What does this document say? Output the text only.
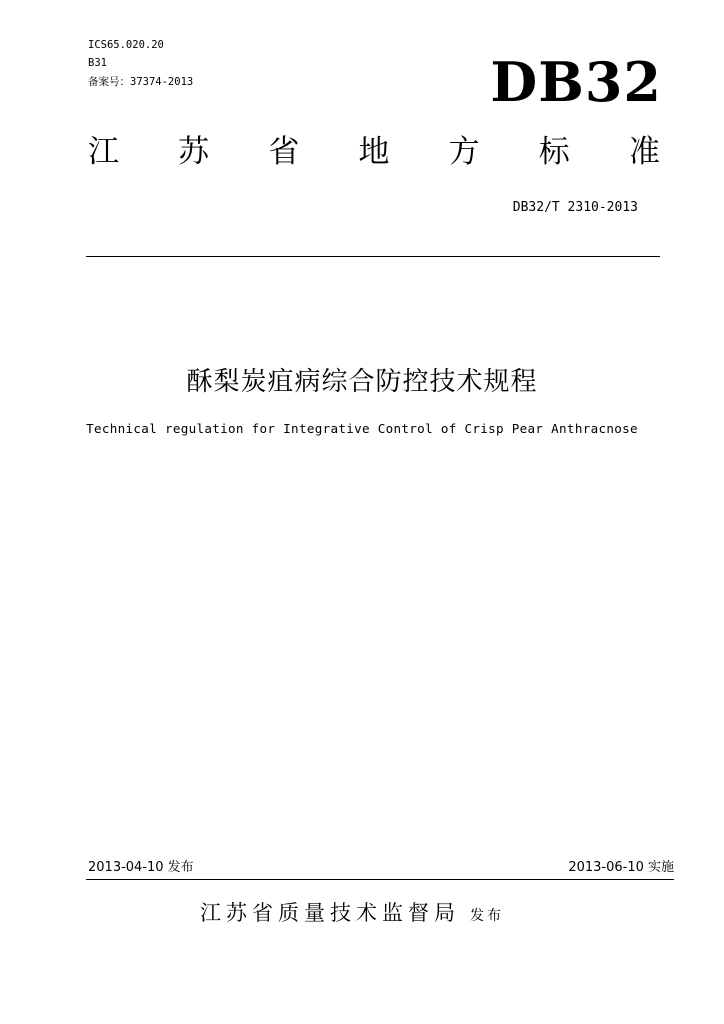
ICS65.020.20
B31
备案号：37374-2013	DB32
江 苏 省 地 方 标 准
DB32/T 2310-2013
酥梨炭疽病综合防控技术规程
Technical regulation for Integrative Control of Crisp Pear Anthracnose
2013-04-10 发布	2013-06-10 实施
江苏省质量技术监督局 发布
